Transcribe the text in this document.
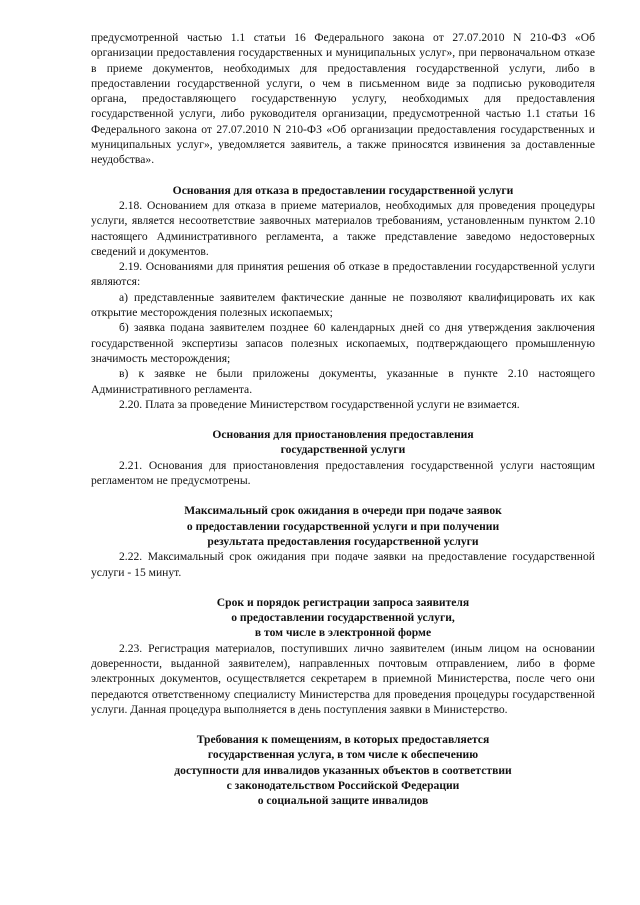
предусмотренной частью 1.1 статьи 16 Федерального закона от 27.07.2010 N 210-ФЗ «Об организации предоставления государственных и муниципальных услуг», при первоначальном отказе в приеме документов, необходимых для предоставления государственной услуги, либо в предоставлении государственной услуги, о чем в письменном виде за подписью руководителя органа, предоставляющего государственную услугу, необходимых для предоставления государственной услуги, либо руководителя организации, предусмотренной частью 1.1 статьи 16 Федерального закона от 27.07.2010 N 210-ФЗ «Об организации предоставления государственных и муниципальных услуг», уведомляется заявитель, а также приносятся извинения за доставленные неудобства».

Основания для отказа в предоставлении государственной услуги

2.18. Основанием для отказа в приеме материалов, необходимых для проведения процедуры услуги, является несоответствие заявочных материалов требованиям, установленным пунктом 2.10 настоящего Административного регламента, а также представление заведомо недостоверных сведений и документов.

2.19. Основаниями для принятия решения об отказе в предоставлении государственной услуги являются:

а) представленные заявителем фактические данные не позволяют квалифицировать их как открытие месторождения полезных ископаемых;

б) заявка подана заявителем позднее 60 календарных дней со дня утверждения заключения государственной экспертизы запасов полезных ископаемых, подтверждающего промышленную значимость месторождения;

в) к заявке не были приложены документы, указанные в пункте 2.10 настоящего Административного регламента.

2.20. Плата за проведение Министерством государственной услуги не взимается.

Основания для приостановления предоставления
государственной услуги

2.21. Основания для приостановления предоставления государственной услуги настоящим регламентом не предусмотрены.

Максимальный срок ожидания в очереди при подаче заявок
о предоставлении государственной услуги и при получении
результата предоставления государственной услуги

2.22. Максимальный срок ожидания при подаче заявки на предоставление государственной услуги - 15 минут.

Срок и порядок регистрации запроса заявителя
о предоставлении государственной услуги,
в том числе в электронной форме

2.23. Регистрация материалов, поступивших лично заявителем (иным лицом на основании доверенности, выданной заявителем), направленных почтовым отправлением, либо в форме электронных документов, осуществляется секретарем в приемной Министерства, после чего они передаются ответственному специалисту Министерства для проведения процедуры государственной услуги. Данная процедура выполняется в день поступления заявки в Министерство.

Требования к помещениям, в которых предоставляется
государственная услуга, в том числе к обеспечению
доступности для инвалидов указанных объектов в соответствии
с законодательством Российской Федерации
о социальной защите инвалидов
